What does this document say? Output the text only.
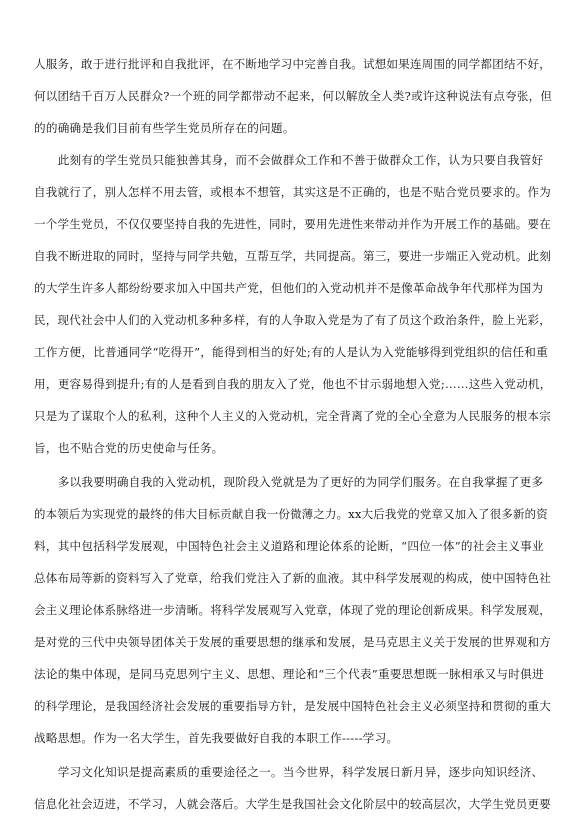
人服务，敢于进行批评和自我批评，在不断地学习中完善自我。试想如果连周围的同学都团结不好，
何以团结千百万人民群众?一个班的同学都带动不起来，何以解放全人类?或许这种说法有点夸张，但
的的确确是我们目前有些学生党员所存在的问题。
　　此刻有的学生党员只能独善其身，而不会做群众工作和不善于做群众工作，认为只要自我管好
自我就行了，别人怎样不用去管，或根本不想管，其实这是不正确的，也是不贴合党员要求的。作为
一个学生党员，不仅仅要坚持自我的先进性，同时，要用先进性来带动并作为开展工作的基础。要在
自我不断进取的同时，坚持与同学共勉，互帮互学，共同提高。第三，要进一步端正入党动机。此刻
的大学生许多人都纷纷要求加入中国共产党，但他们的入党动机并不是像革命战争年代那样为国为
民，现代社会中人们的入党动机多种多样，有的人争取入党是为了有了员这个政治条件，脸上光彩，
工作方便，比普通同学“吃得开”，能得到相当的好处;有的人是认为入党能够得到党组织的信任和重
用，更容易得到提升;有的人是看到自我的朋友入了党，他也不甘示弱地想入党;……这些入党动机，
只是为了谋取个人的私利，这种个人主义的入党动机，完全背离了党的全心全意为人民服务的根本宗
旨，也不贴合党的历史使命与任务。
　　多以我要明确自我的入党动机，现阶段入党就是为了更好的为同学们服务。在自我掌握了更多
的本领后为实现党的最终的伟大目标贡献自我一份微薄之力。xx大后我党的党章又加入了很多新的资
料，其中包括科学发展观，中国特色社会主义道路和理论体系的论断，“四位一体”的社会主义事业
总体布局等新的资料写入了党章，给我们党注入了新的血液。其中科学发展观的构成，使中国特色社
会主义理论体系脉络进一步清晰。将科学发展观写入党章，体现了党的理论创新成果。科学发展观，
是对党的三代中央领导团体关于发展的重要思想的继承和发展，是马克思主义关于发展的世界观和方
法论的集中体现，是同马克思列宁主义、思想、理论和“三个代表”重要思想既一脉相承又与时俱进
的科学理论，是我国经济社会发展的重要指导方针，是发展中国特色社会主义必须坚持和贯彻的重大
战略思想。作为一名大学生，首先我要做好自我的本职工作-----学习。
　　学习文化知识是提高素质的重要途径之一。当今世界，科学发展日新月异，逐步向知识经济、
信息化社会迈进，不学习，人就会落后。大学生是我国社会文化阶层中的较高层次，大学生党员更要
